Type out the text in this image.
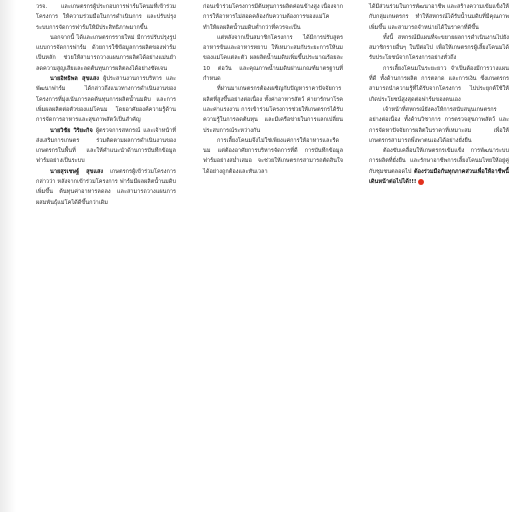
วรจ. และเกษตรกรผู้ประกอบการฟาร์มโคนมที่เข้าร่วมโครงการ ให้ความร่วมมือในการดำเนินการ และปรับปรุงระบบการจัดการฟาร์มให้มีประสิทธิภาพมากขึ้น

นอกจากนี้ ได้และเกษตรกรรายใหม่ มีการปรับปรุงรูปแบบการจัดการฟาร์ม ด้วยการใช้ข้อมูลการผลิตของฟาร์มเป็นหลัก ช่วยให้สามารถวางแผนการผลิตได้อย่างแม่นยำ ลดความสูญเสียและลดต้นทุนการผลิตลงได้อย่างชัดเจน

นายอิทธิพล สุขแสง ผู้ประสานงานการบริหาร และพัฒนาฟาร์ม ได้กล่าวถึงแนวทางการดำเนินงานของโครงการที่มุ่งเน้นการลดต้นทุนการผลิตน้ำนมดิบ และการเพิ่มผลผลิตต่อตัวของแม่โคนม โดยอาศัยองค์ความรู้ด้านการจัดการอาหารและสุขภาพสัตว์เป็นสำคัญ

นายวิชัย วิริยะกิจ ผู้ตรวจการสหกรณ์ และเจ้าหน้าที่ส่งเสริมการเกษตร ร่วมติดตามผลการดำเนินงานของเกษตรกรในพื้นที่ และให้คำแนะนำด้านการบันทึกข้อมูลฟาร์มอย่างเป็นระบบ

นายสุรเชษฐ์ สุขแสง เกษตรกรผู้เข้าร่วมโครงการ กล่าวว่า หลังจากเข้าร่วมโครงการ ฟาร์มมีผลผลิตน้ำนมดิบเพิ่มขึ้น ต้นทุนค่าอาหารลดลง และสามารถวางแผนการผสมพันธุ์แม่โคได้ดีขึ้นกว่าเดิม

ก่อนเข้าร่วมโครงการมีต้นทุนการผลิตค่อนข้างสูง เนื่องจากการให้อาหารไม่สอดคล้องกับความต้องการของแม่โค ทำให้ผลผลิตน้ำนมดิบต่ำกว่าที่ควรจะเป็น

แต่หลังจากเป็นสมาชิกโครงการ ได้มีการปรับสูตรอาหารข้นและอาหารหยาบ ให้เหมาะสมกับระยะการให้นมของแม่โคแต่ละตัว ผลผลิตน้ำนมดิบเพิ่มขึ้นประมาณร้อยละ 10 ต่อวัน และคุณภาพน้ำนมดิบผ่านเกณฑ์มาตรฐานที่กำหนด

ที่ผ่านมาเกษตรกรต้องเผชิญกับปัญหาราคาปัจจัยการผลิตที่สูงขึ้นอย่างต่อเนื่อง ทั้งค่าอาหารสัตว์ ค่ายารักษาโรค และค่าแรงงาน การเข้าร่วมโครงการช่วยให้เกษตรกรได้รับความรู้ในการลดต้นทุน และมีเครือข่ายในการแลกเปลี่ยนประสบการณ์ระหว่างกัน

การเลี้ยงโคนมจึงไม่ใช่เพียงแค่การให้อาหารและรีดนม แต่ต้องอาศัยการบริหารจัดการที่ดี การบันทึกข้อมูลฟาร์มอย่างสม่ำเสมอ จะช่วยให้เกษตรกรสามารถตัดสินใจได้อย่างถูกต้องและทันเวลา

ได้มีส่วนร่วมในการพัฒนาอาชีพ และสร้างความเข้มแข็งให้กับกลุ่มเกษตรกร ทำให้สหกรณ์ได้รับน้ำนมดิบที่มีคุณภาพเพิ่มขึ้น และสามารถจำหน่ายได้ในราคาที่ดีขึ้น

ทั้งนี้ สหกรณ์มีแผนที่จะขยายผลการดำเนินงานไปยังสมาชิกรายอื่นๆ ในปีต่อไป เพื่อให้เกษตรกรผู้เลี้ยงโคนมได้รับประโยชน์จากโครงการอย่างทั่วถึง

การเลี้ยงโคนมในระยะยาว จำเป็นต้องมีการวางแผนที่ดี ทั้งด้านการผลิต การตลาด และการเงิน ซึ่งเกษตรกรสามารถนำความรู้ที่ได้รับจากโครงการ ไปประยุกต์ใช้ให้เกิดประโยชน์สูงสุดต่อฟาร์มของตนเอง

เจ้าหน้าที่สหกรณ์ยังคงให้การสนับสนุนเกษตรกรอย่างต่อเนื่อง ทั้งด้านวิชาการ การตรวจสุขภาพสัตว์ และการจัดหาปัจจัยการผลิตในราคาที่เหมาะสม เพื่อให้เกษตรกรสามารถพึ่งพาตนเองได้อย่างยั่งยืน

ต้องขับเคลื่อนให้เกษตรกรเข้มแข็ง การพัฒนาระบบการผลิตที่ยั่งยืน และรักษาอาชีพการเลี้ยงโคนมไทยให้อยู่คู่กับชุมชนตลอดไป ต้องร่วมมือกันทุกภาคส่วนเพื่อให้อาชีพนี้เดินหน้าต่อไปได้!!!
